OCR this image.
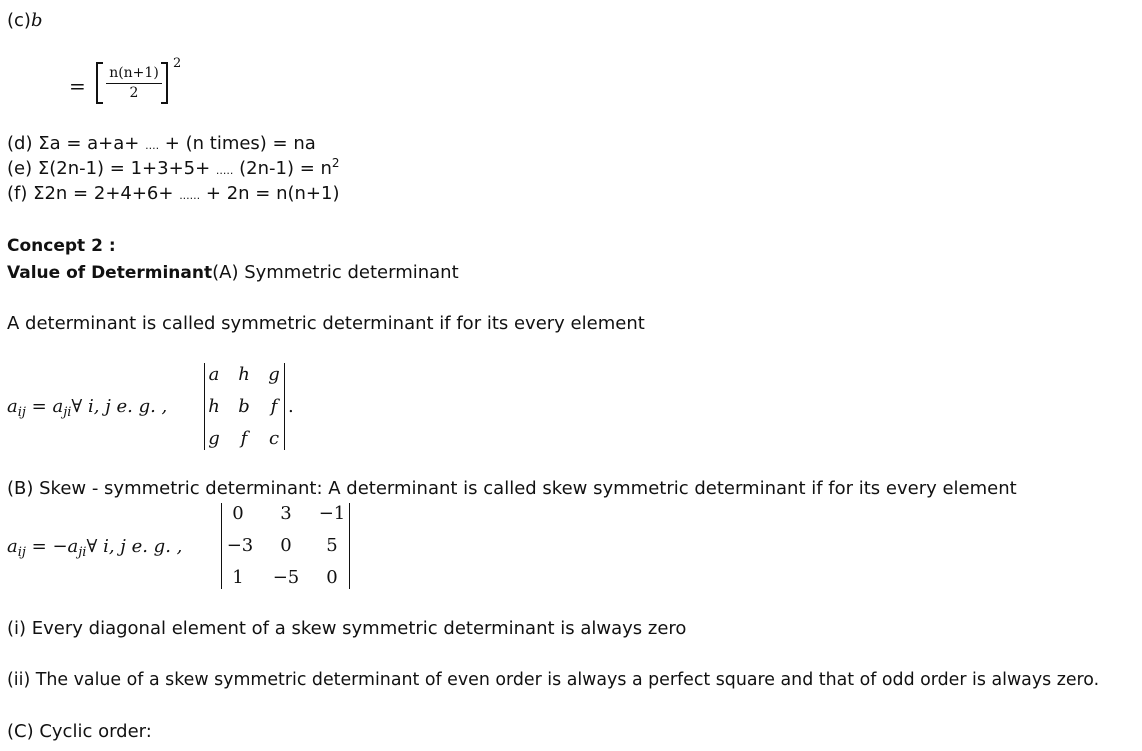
(c)b
=
n(n+1)
2
2
(d) Σa = a+a+ .... + (n times) = na
(e) Σ(2n-1) = 1+3+5+ ..... $(2n-1) = n^2$
(f) Σ2n = 2+4+6+ ...... + 2n = n(n+1)
Concept 2 :
Value of Determinant(A) Symmetric determinant
A determinant is called symmetric determinant if for its every element
$a_{ij}$ = $a_{ji}\forall$ i, j e. g. ,
a	h	g
h	b	f
g	f	c
.
(B) Skew - symmetric determinant: A determinant is called skew symmetric determinant if for its every element
$a_{ij}$ = $-a_{ji}\forall$ i, j e. g. ,
0	3	−1
−3	0	5
1	−5	0
(i) Every diagonal element of a skew symmetric determinant is always zero
(ii) The value of a skew symmetric determinant of even order is always a perfect square and that of odd order is always zero.
(C) Cyclic order:
